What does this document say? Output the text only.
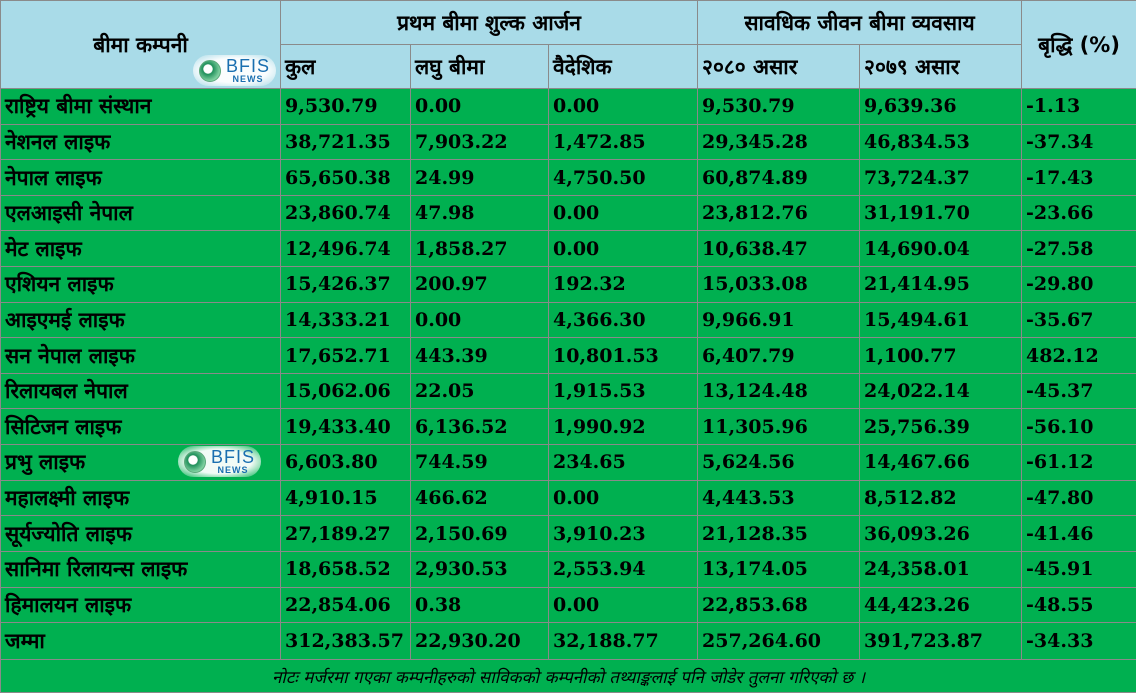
बीमा कम्पनी	प्रथम बीमा शुल्क आर्जन			सावधिक जीवन बीमा व्यवसाय		बृद्धि (%)
	कुल	लघु बीमा	वैदेशिक	२०८० असार	२०७९ असार	
राष्ट्रिय बीमा संस्थान	9,530.79	0.00	0.00	9,530.79	9,639.36	-1.13
नेशनल लाइफ	38,721.35	7,903.22	1,472.85	29,345.28	46,834.53	-37.34
नेपाल लाइफ	65,650.38	24.99	4,750.50	60,874.89	73,724.37	-17.43
एलआइसी नेपाल	23,860.74	47.98	0.00	23,812.76	31,191.70	-23.66
मेट लाइफ	12,496.74	1,858.27	0.00	10,638.47	14,690.04	-27.58
एशियन लाइफ	15,426.37	200.97	192.32	15,033.08	21,414.95	-29.80
आइएमई लाइफ	14,333.21	0.00	4,366.30	9,966.91	15,494.61	-35.67
सन नेपाल लाइफ	17,652.71	443.39	10,801.53	6,407.79	1,100.77	482.12
रिलायबल नेपाल	15,062.06	22.05	1,915.53	13,124.48	24,022.14	-45.37
सिटिजन लाइफ	19,433.40	6,136.52	1,990.92	11,305.96	25,756.39	-56.10
प्रभु लाइफ	6,603.80	744.59	234.65	5,624.56	14,467.66	-61.12
महालक्ष्मी लाइफ	4,910.15	466.62	0.00	4,443.53	8,512.82	-47.80
सूर्यज्योति लाइफ	27,189.27	2,150.69	3,910.23	21,128.35	36,093.26	-41.46
सानिमा रिलायन्स लाइफ	18,658.52	2,930.53	2,553.94	13,174.05	24,358.01	-45.91
हिमालयन लाइफ	22,854.06	0.38	0.00	22,853.68	44,423.26	-48.55
जम्मा	312,383.57	22,930.20	32,188.77	257,264.60	391,723.87	-34.33
नोटः मर्जरमा गएका कम्पनीहरुको साविकको कम्पनीको तथ्याङ्कलाई पनि जोडेर तुलना गरिएको छ ।						
BFIS
NEWS
BFIS
NEWS
